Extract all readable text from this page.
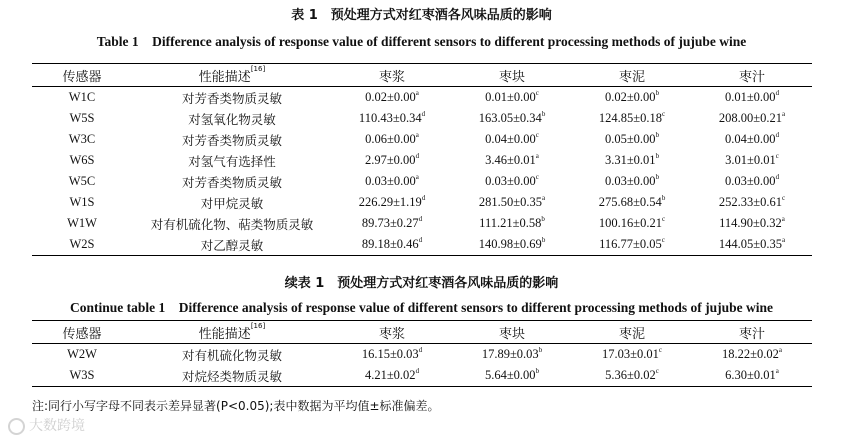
表 1　预处理方式对红枣酒各风味品质的影响
Table 1　Difference analysis of response value of different sensors to different processing methods of jujube wine
传感器	性能描述[16]	枣浆	枣块	枣泥	枣汁
W1C	对芳香类物质灵敏	0.02±0.00$^a$	0.01±0.00$^c$	0.02±0.00$^b$	0.01±0.00$^d$
W5S	对氢氧化物灵敏	110.43±0.34$^d$	163.05±0.34$^b$	124.85±0.18$^c$	208.00±0.21$^a$
W3C	对芳香类物质灵敏	0.06±0.00$^a$	0.04±0.00$^c$	0.05±0.00$^b$	0.04±0.00$^d$
W6S	对氢气有选择性	2.97±0.00$^d$	3.46±0.01$^a$	3.31±0.01$^b$	3.01±0.01$^c$
W5C	对芳香类物质灵敏	0.03±0.00$^a$	0.03±0.00$^c$	0.03±0.00$^b$	0.03±0.00$^d$
W1S	对甲烷灵敏	226.29±1.19$^d$	281.50±0.35$^a$	275.68±0.54$^b$	252.33±0.61$^c$
W1W	对有机硫化物、萜类物质灵敏	89.73±0.27$^d$	111.21±0.58$^b$	100.16±0.21$^c$	114.90±0.32$^a$
W2S	对乙醇灵敏	89.18±0.46$^d$	140.98±0.69$^b$	116.77±0.05$^c$	144.05±0.35$^a$
续表 1　预处理方式对红枣酒各风味品质的影响
Continue table 1　Difference analysis of response value of different sensors to different processing methods of jujube wine
传感器	性能描述[16]	枣浆	枣块	枣泥	枣汁
W2W	对有机硫化物灵敏	16.15±0.03$^d$	17.89±0.03$^b$	17.03±0.01$^c$	18.22±0.02$^a$
W3S	对烷烃类物质灵敏	4.21±0.02$^d$	5.64±0.00$^b$	5.36±0.02$^c$	6.30±0.01$^a$
注:同行小写字母不同表示差异显著(P<0.05);表中数据为平均值±标准偏差。
大数跨境
